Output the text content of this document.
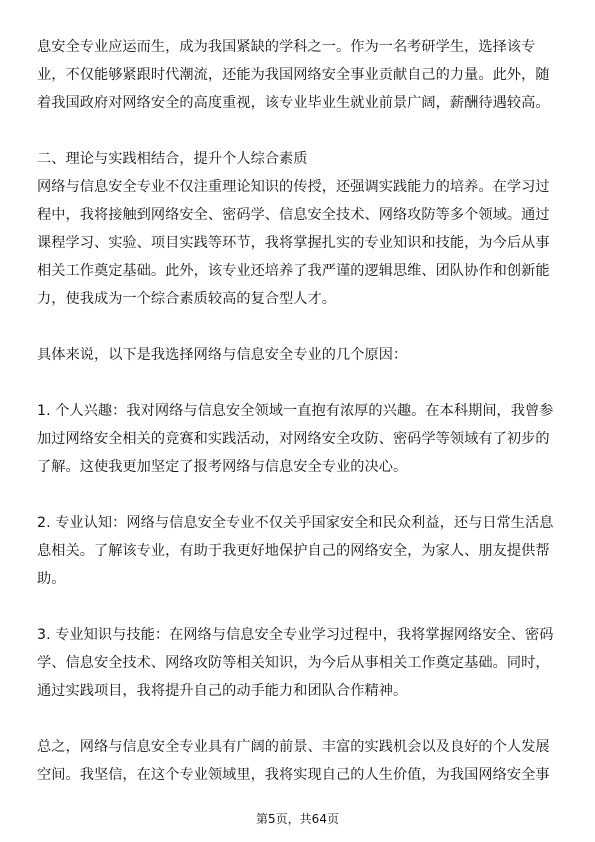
息安全专业应运而生，成为我国紧缺的学科之一。作为一名考研学生，选择该专业，不仅能够紧跟时代潮流，还能为我国网络安全事业贡献自己的力量。此外，随着我国政府对网络安全的高度重视，该专业毕业生就业前景广阔，薪酬待遇较高。

二、理论与实践相结合，提升个人综合素质

网络与信息安全专业不仅注重理论知识的传授，还强调实践能力的培养。在学习过程中，我将接触到网络安全、密码学、信息安全技术、网络攻防等多个领域。通过课程学习、实验、项目实践等环节，我将掌握扎实的专业知识和技能，为今后从事相关工作奠定基础。此外，该专业还培养了我严谨的逻辑思维、团队协作和创新能力，使我成为一个综合素质较高的复合型人才。

具体来说，以下是我选择网络与信息安全专业的几个原因：

1. 个人兴趣：我对网络与信息安全领域一直抱有浓厚的兴趣。在本科期间，我曾参加过网络安全相关的竞赛和实践活动，对网络安全攻防、密码学等领域有了初步的了解。这使我更加坚定了报考网络与信息安全专业的决心。

2. 专业认知：网络与信息安全专业不仅关乎国家安全和民众利益，还与日常生活息息相关。了解该专业，有助于我更好地保护自己的网络安全，为家人、朋友提供帮助。

3. 专业知识与技能：在网络与信息安全专业学习过程中，我将掌握网络安全、密码学、信息安全技术、网络攻防等相关知识，为今后从事相关工作奠定基础。同时，通过实践项目，我将提升自己的动手能力和团队合作精神。

总之，网络与信息安全专业具有广阔的前景、丰富的实践机会以及良好的个人发展空间。我坚信，在这个专业领域里，我将实现自己的人生价值，为我国网络安全事

第5页，共64页
